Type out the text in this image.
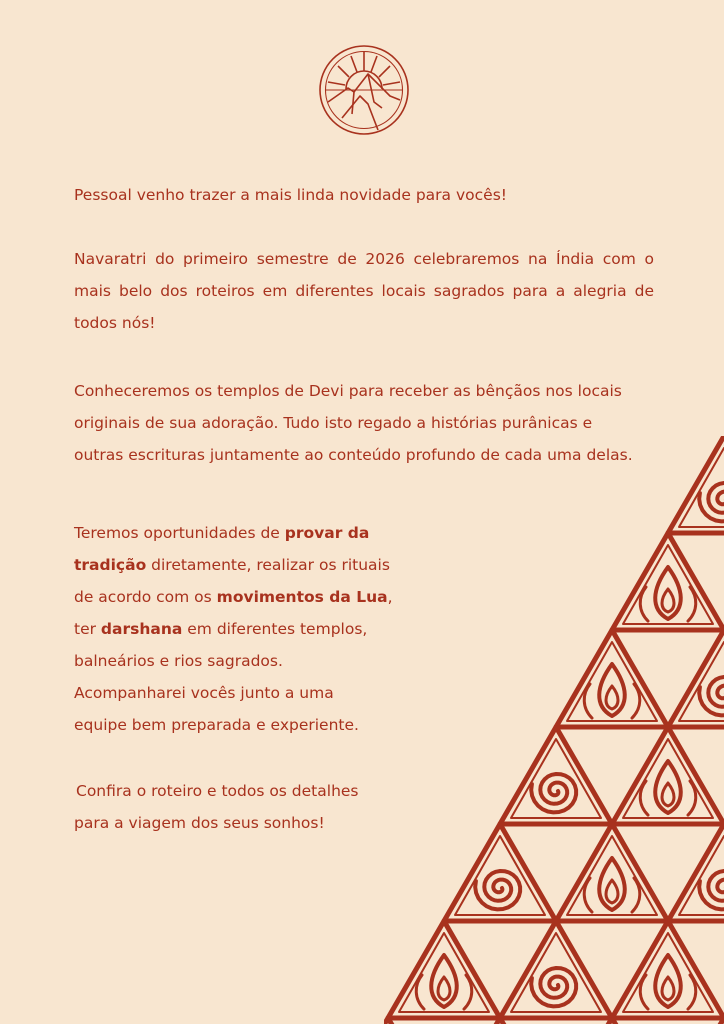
Pessoal venho trazer a mais linda novidade para vocês!

Navaratri do primeiro semestre de 2026 celebraremos na Índia com o mais belo dos roteiros em diferentes locais sagrados para a alegria de todos nós!

Conheceremos os templos de Devi para receber as bênçãos nos locais
originais de sua adoração. Tudo isto regado a histórias purânicas e
outras escrituras juntamente ao conteúdo profundo de cada uma delas.

Teremos oportunidades de provar da
tradição diretamente, realizar os rituais
de acordo com os movimentos da Lua,
ter darshana em diferentes templos,
balneários e rios sagrados.
Acompanharei vocês junto a uma
equipe bem preparada e experiente.

Confira o roteiro e todos os detalhes
para a viagem dos seus sonhos!
